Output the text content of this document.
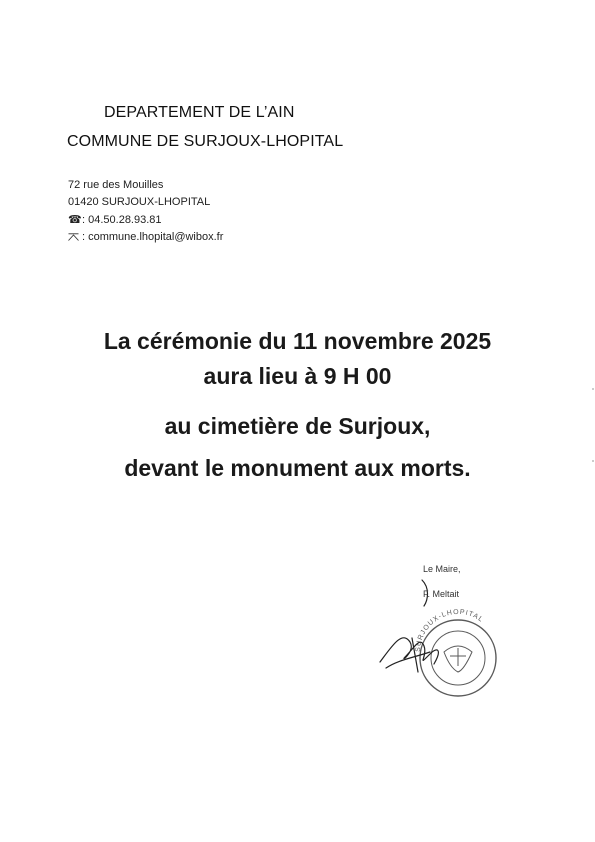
DEPARTEMENT DE L’AIN
COMMUNE DE SURJOUX-LHOPITAL
72 rue des Mouilles
01420 SURJOUX-LHOPITAL
☎: 04.50.28.93.81
: commune.lhopital@wibox.fr
La cérémonie du 11 novembre 2025
aura lieu à 9 H 00
au cimetière de Surjoux,
devant le monument aux morts.
SURJOUX-LHOPITAL
Le Maire,
F. Meltait
